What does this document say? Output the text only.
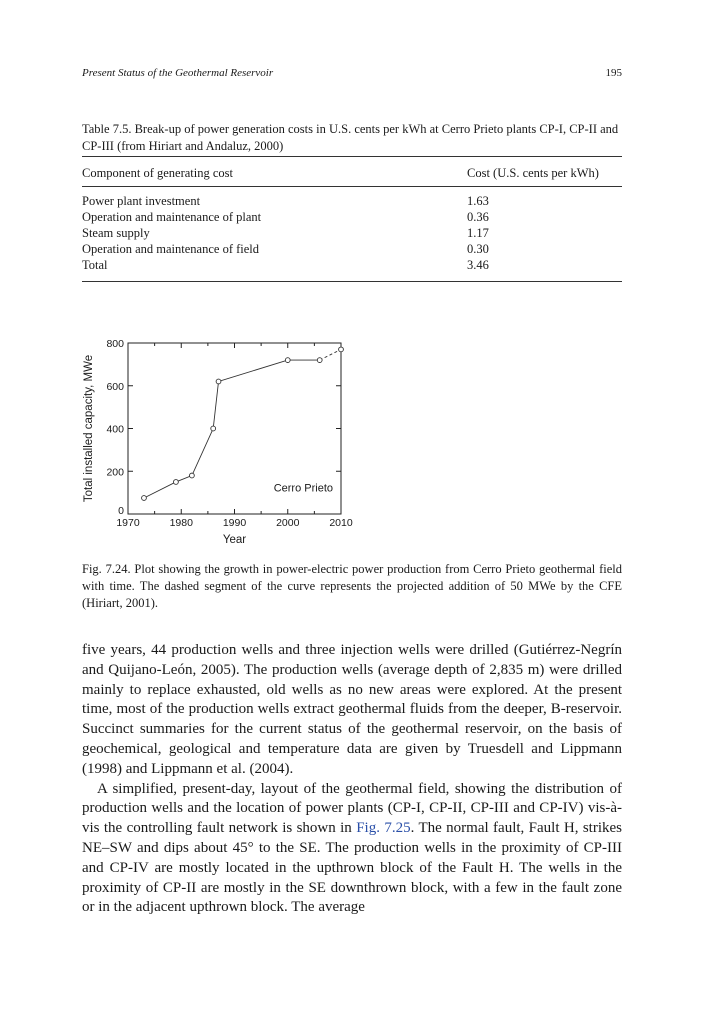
Present Status of the Geothermal Reservoir	195
Table 7.5. Break-up of power generation costs in U.S. cents per kWh at Cerro Prieto plants CP-I, CP-II and CP-III (from Hiriart and Andaluz, 2000)
Component of generating cost	Cost (U.S. cents per kWh)
Power plant investment	1.63
Operation and maintenance of plant	0.36
Steam supply	1.17
Operation and maintenance of field	0.30
Total	3.46
1970	1980	1990	2000	2010
0
200
400
600
800
Year
Total installed capacity, MWe	Cerro Prieto
Fig. 7.24. Plot showing the growth in power-electric power production from Cerro Prieto geothermal field with time. The dashed segment of the curve represents the projected addition of 50 MWe by the CFE (Hiriart, 2001).

five years, 44 production wells and three injection wells were drilled (Gutiérrez-Negrín and Quijano-León, 2005). The production wells (average depth of 2,835 m) were drilled mainly to replace exhausted, old wells as no new areas were explored. At the present time, most of the production wells extract geothermal fluids from the deeper, B-reservoir. Succinct summaries for the current status of the geothermal reservoir, on the basis of geochemical, geological and temperature data are given by Truesdell and Lippmann (1998) and Lippmann et al. (2004).

A simplified, present-day, layout of the geothermal field, showing the distribution of production wells and the location of power plants (CP-I, CP-II, CP-III and CP-IV) vis-à-vis the controlling fault network is shown in Fig. 7.25. The normal fault, Fault H, strikes NE–SW and dips about 45° to the SE. The production wells in the proximity of CP-III and CP-IV are mostly located in the upthrown block of the Fault H. The wells in the proximity of CP-II are mostly in the SE downthrown block, with a few in the fault zone or in the adjacent upthrown block. The average
